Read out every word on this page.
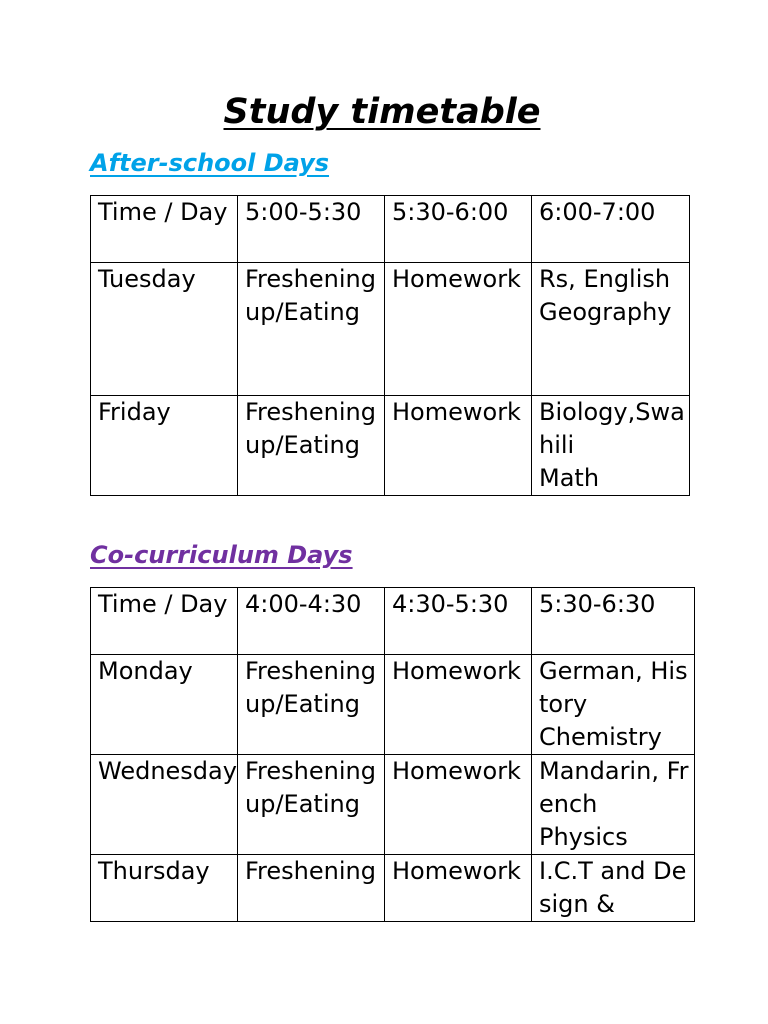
Study timetable
After-school Days
Time / Day	5:00-5:30	5:30-6:00	6:00-7:00
Tuesday	Freshening up/Eating	Homework	Rs, English
Geography

Friday	Freshening up/Eating	Homework	Biology,Swahili
Math
Co-curriculum Days
Time / Day	4:00-4:30	4:30-5:30	5:30-6:30
Monday	Freshening up/Eating	Homework	German, History
Chemistry

Wednesday	Freshening up/Eating	Homework	Mandarin, French
Physics

Thursday	Freshening	Homework	I.C.T and Design &
